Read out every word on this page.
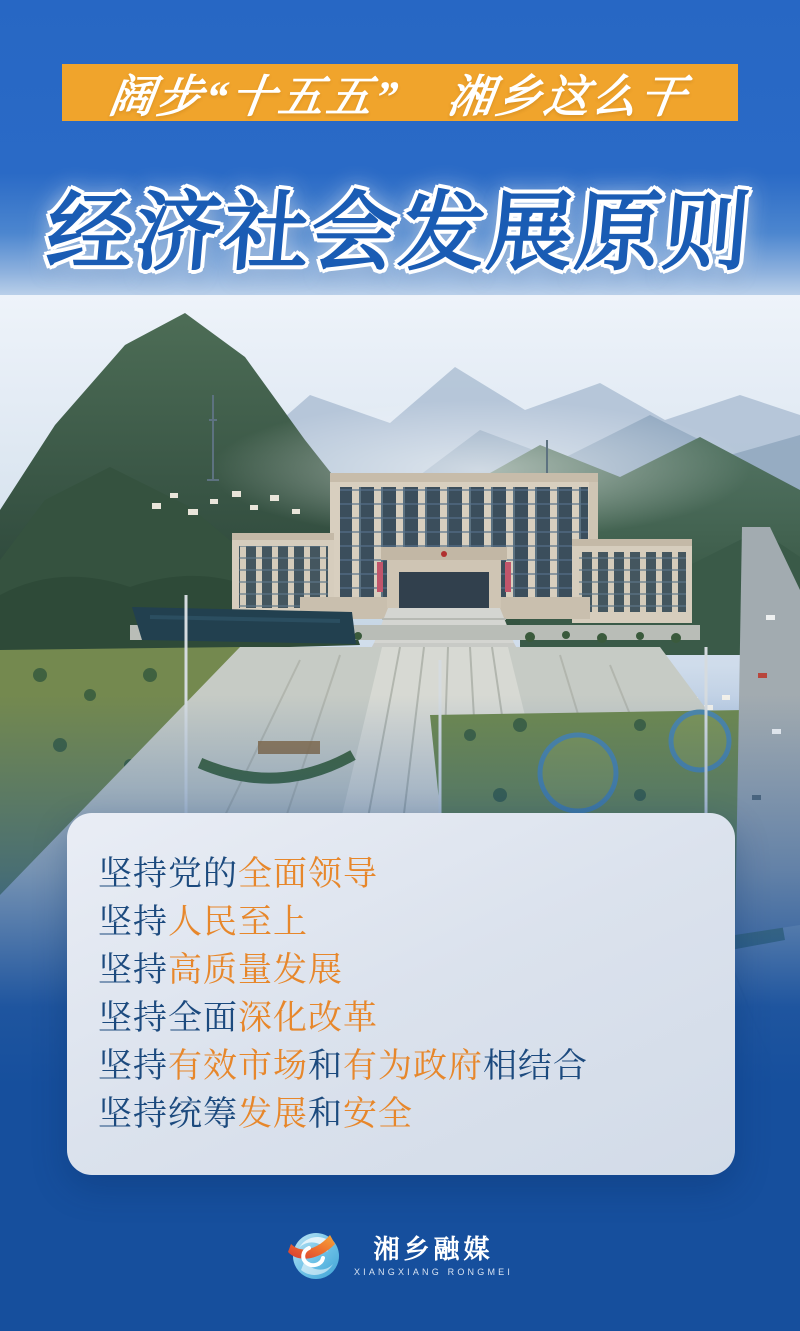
阔步“十五五”　湘乡这么干
经济社会发展原则
坚持党的全面领导
坚持人民至上
坚持高质量发展
坚持全面深化改革
坚持有效市场和有为政府相结合
坚持统筹发展和安全
湘乡融媒
XIANGXIANG RONGMEI
